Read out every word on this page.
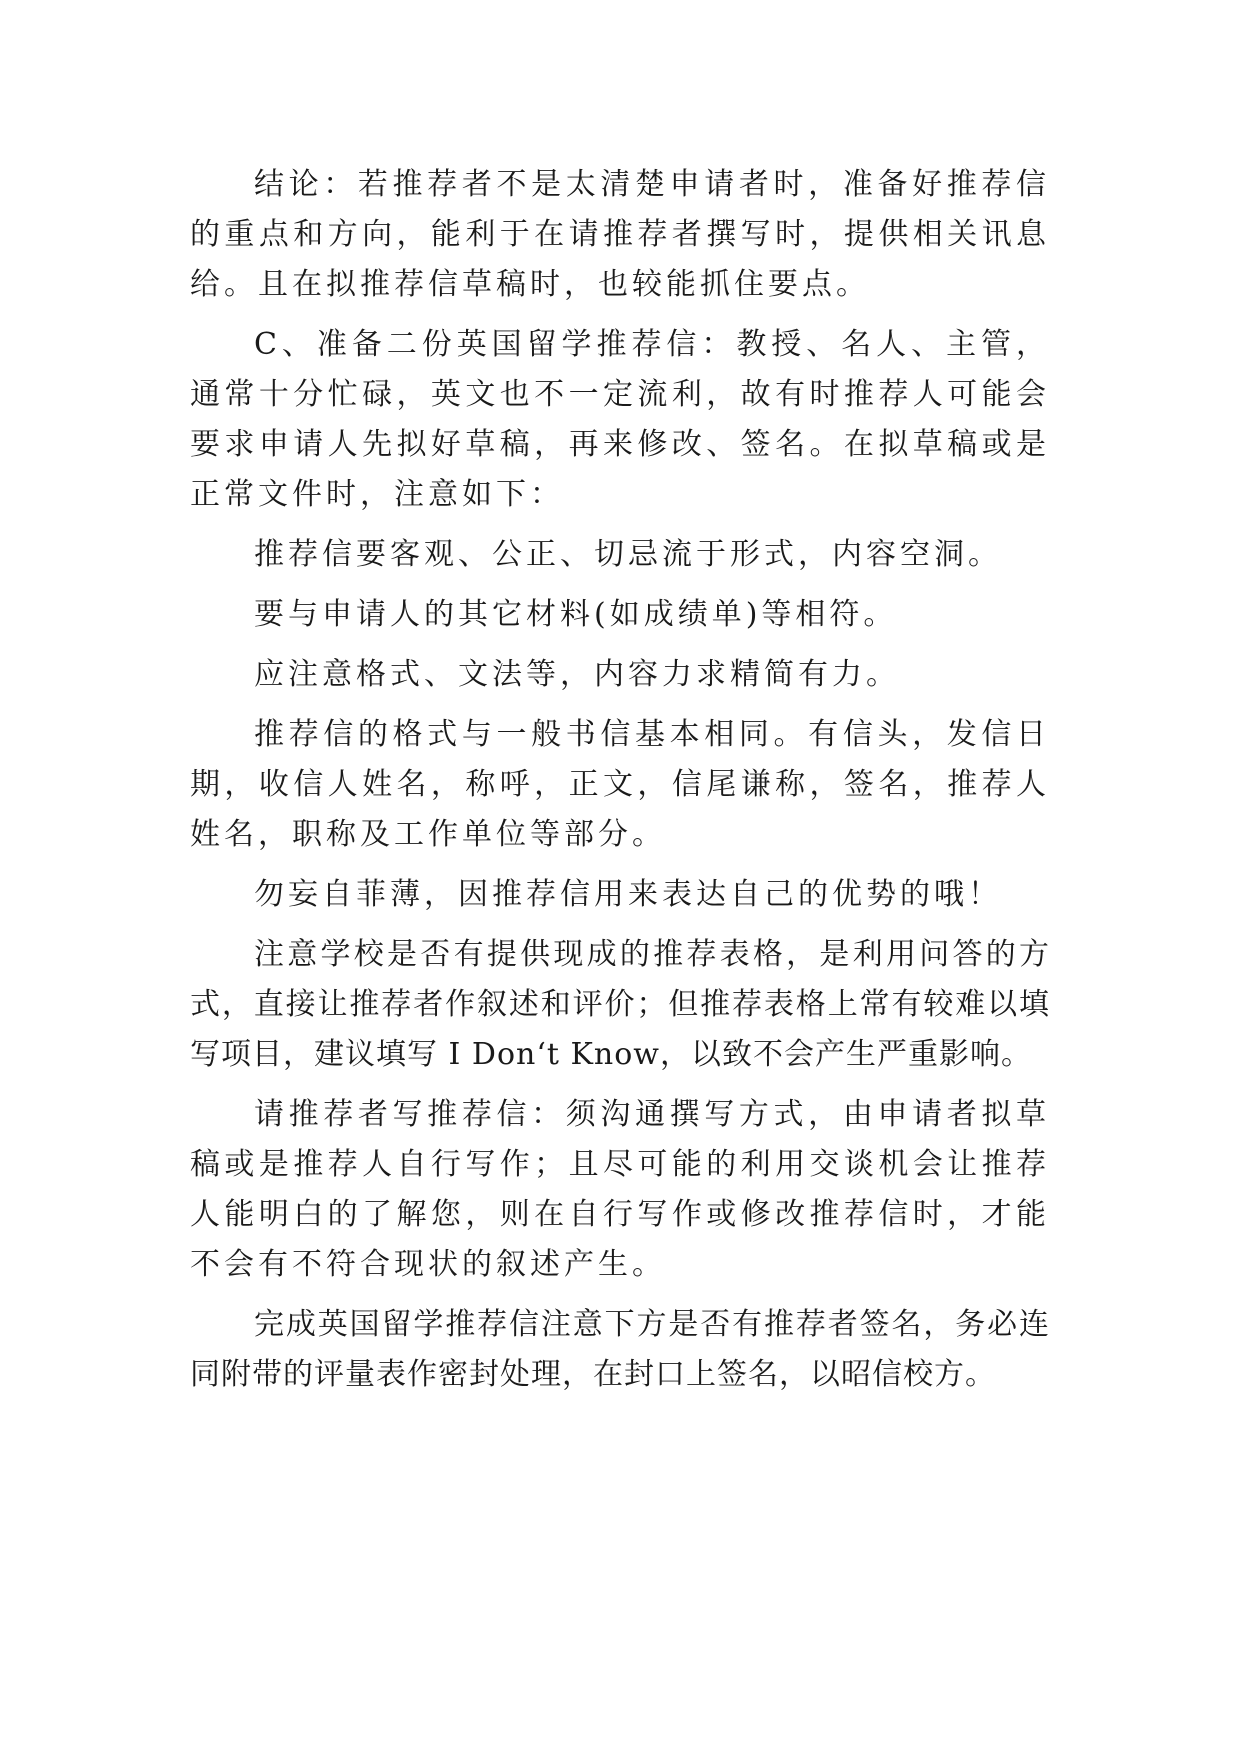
结论：若推荐者不是太清楚申请者时，准备好推荐信的重点和方向，能利于在请推荐者撰写时，提供相关讯息给。且在拟推荐信草稿时，也较能抓住要点。

C、准备二份英国留学推荐信：教授、名人、主管，通常十分忙碌，英文也不一定流利，故有时推荐人可能会要求申请人先拟好草稿，再来修改、签名。在拟草稿或是正常文件时，注意如下：

推荐信要客观、公正、切忌流于形式，内容空洞。

要与申请人的其它材料(如成绩单)等相符。

应注意格式、文法等，内容力求精简有力。

推荐信的格式与一般书信基本相同。有信头，发信日期，收信人姓名，称呼，正文，信尾谦称，签名，推荐人姓名，职称及工作单位等部分。

勿妄自菲薄，因推荐信用来表达自己的优势的哦！

注意学校是否有提供现成的推荐表格，是利用问答的方式，直接让推荐者作叙述和评价；但推荐表格上常有较难以填写项目，建议填写 I Don‘t Know，以致不会产生严重影响。

请推荐者写推荐信：须沟通撰写方式，由申请者拟草稿或是推荐人自行写作；且尽可能的利用交谈机会让推荐人能明白的了解您，则在自行写作或修改推荐信时，才能不会有不符合现状的叙述产生。

完成英国留学推荐信注意下方是否有推荐者签名，务必连同附带的评量表作密封处理，在封口上签名，以昭信校方。
